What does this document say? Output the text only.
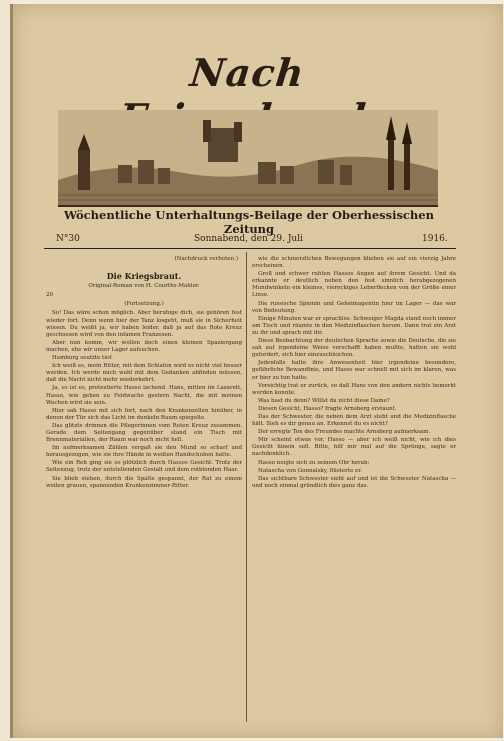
Nach
Wöchentliche Unterhaltungs-Beilage der Oberhessischen Zeitung
N°30	Sonnabend, den 29. Juli	1916.
(Nachdruck verboten.)
Die Kriegsbraut.
Original-Roman von H. Courths-Mahler.
20
(Fortsetzung.)

So! Das wäre schon möglich. Aber beruhige dich, sie gehören fest wieder fort. Denn wenn hier der Tanz losgeht, muß sie in Sicherheit wissen. Du weißt ja, wir haben leider, daß ja auf das Rote Kreuz geschossen wird von den infamen Franzosen.

Aber nun komm, wir wollen doch einen kleinen Spaziergang machen, ehe wir unser Lager aufsuchen.

Hamburg seufzte tief.

Ich weiß es, mein Ritter, mit dem Schlafen wird es nicht viel besser werden. Ich werde mich wohl mit dem Gedanken abfinden müssen, daß die Nacht nicht mehr wiederkehrt.

Ja, so ist es, protestierte Hasso lachend. Hans, mitten im Lazarett, Hasso, wie gehen zu Feldwache gestern Nacht, die mit meinen Wachen wird sie sein.

Hier sah Hasso mit sich fort, nach den Krankenzellen hinüber, in denen der Tür sich das Licht im dunkeln Raum spiegelte.

Das glitzte drinnen die Pflegerinnen vom Roten Kreuz zusammen. Gerade dem Seitengang gegenüber stand ein Tisch mit Brennmaterialien, der Raum war noch nicht hell.

Im aufmerksamen Zählen vergaß sie den Mund so scharf und herausgezogen, wie sie ihre Hände in weißen Handschuhen hatte.

Wie ein Reh ging sie so plötzlich durch Hassos Gesicht. Trotz der Seitenzug, trotz der entstellenden Gestalt und dem rotblonden Haar.

Sie blieb stehen, durch die Spalte gespannt, der Rat zu einem weiten grauen, spannenden Krankenzimmer-Ritter.

wie die schmerzlichen Bewegungen blieben sie auf ein vierzig Jahre erscheinen.

Groß und schwer ruhten Hassos Augen auf ihrem Gesicht. Und da erkannte er deutlich neben den fest sinnlich herabgezogenen Mundwinkeln ein kleines, viereckiges Leberflecken von der Größe einer Linse.

Die russische Spionin und Geheimagentin hier im Lager — das war von Bedeutung.

Einige Minuten war er sprachlos. Schweiger Magda stand noch immer am Tisch und räumte in den Medizinflaschen herum. Dann trat ein Arzt zu ihr und sprach mit ihr.

Diese Beobachtung der deutschen Sprache sowie die Deutsche, die sie sah auf irgendeine Weise verschafft haben mußte, hatten sie wohl gefordert, sich hier einzuschleichen.

Jedenfalls hatte ihre Anwesenheit hier irgendeine besondere, gefährliche Bewandtnis, und Hasso war schnell mit sich im klaren, was er hier zu tun hatte.

Vorsichtig trat er zurück, so daß Hans von den andern nichts bemerkt werden konnte.

Was hast du denn? Willst du nicht diese Dame?

Diesen Gesicht, Hasso? fragte Arnsberg erstaunt.

Das der Schwester, die neben dem Arzt steht und die Medizinflasche hält. Sieh es dir genau an. Erkennst du es nicht?

Der erregte Ton des Freundes machte Arnsberg aufmerksam.

Mir scheint etwas vor, Hasso — aber ich weiß nicht, wie ich dies Gesicht hinein soll. Bitte, hilf mir mal auf die Sprünge, sagte er nachdenklich.

Hasso neigte sich zu seinem Ohr herab:

Natascha von Gonnalsky, flüsterte er.

Das sichtbare Schwester sieht auf und ist die Schwester Natascha — und noch einmal gründlich dies ganz das.
